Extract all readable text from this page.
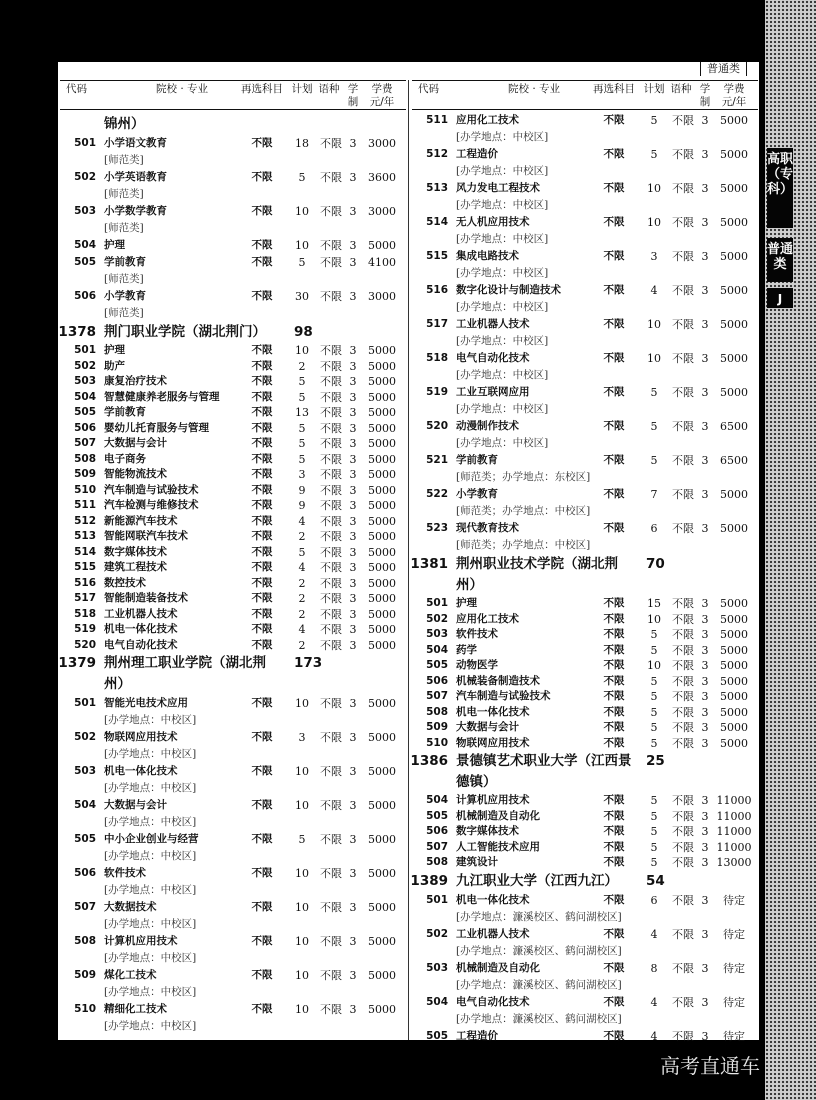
高职（专科）
普通类
J
普通类
代码	院校 · 专业	再选科目 计划 语种 学	学费
制	元/年
锦州）
501 小学语文教育	不限	18	不限 3	3000
[师范类]
502 小学英语教育	不限	5	不限 3	3600
[师范类]
503 小学数学教育	不限	10	不限 3	3000
[师范类]
504 护理	不限	10	不限 3	5000
505 学前教育	不限	5	不限 3	4100
[师范类]
506 小学教育	不限	30	不限 3	3000
[师范类]
1378 荆门职业学院（湖北荆门） 98
501 护理	不限	10	不限 3	5000
502 助产	不限	2	不限 3	5000
503 康复治疗技术	不限	5	不限 3	5000
504 智慧健康养老服务与管理	不限	5	不限 3	5000
505 学前教育	不限	13	不限 3	5000
506 婴幼儿托育服务与管理	不限	5	不限 3	5000
507 大数据与会计	不限	5	不限 3	5000
508 电子商务	不限	5	不限 3	5000
509 智能物流技术	不限	3	不限 3	5000
510 汽车制造与试验技术	不限	9	不限 3	5000
511 汽车检测与维修技术	不限	9	不限 3	5000
512 新能源汽车技术	不限	4	不限 3	5000
513 智能网联汽车技术	不限	2	不限 3	5000
514 数字媒体技术	不限	5	不限 3	5000
515 建筑工程技术	不限	4	不限 3	5000
516 数控技术	不限	2	不限 3	5000
517 智能制造装备技术	不限	2	不限 3	5000
518 工业机器人技术	不限	2	不限 3	5000
519 机电一体化技术	不限	4	不限 3	5000
520 电气自动化技术	不限	2	不限 3	5000
1379 荆州理工职业学院（湖北荆 173
州）
501 智能光电技术应用	不限	10	不限 3	5000
[办学地点：中校区]
502 物联网应用技术	不限	3	不限 3	5000
[办学地点：中校区]
503 机电一体化技术	不限	10	不限 3	5000
[办学地点：中校区]
504 大数据与会计	不限	10	不限 3	5000
[办学地点：中校区]
505 中小企业创业与经营	不限	5	不限 3	5000
[办学地点：中校区]
506 软件技术	不限	10	不限 3	5000
[办学地点：中校区]
507 大数据技术	不限	10	不限 3	5000
[办学地点：中校区]
508 计算机应用技术	不限	10	不限 3	5000
[办学地点：中校区]
509 煤化工技术	不限	10	不限 3	5000
[办学地点：中校区]
510 精细化工技术	不限	10	不限 3	5000
[办学地点：中校区]
代码	院校 · 专业	再选科目 计划 语种 学	学费
制	元/年
511 应用化工技术	不限	5	不限 3	5000
[办学地点：中校区]
512 工程造价	不限	5	不限 3	5000
[办学地点：中校区]
513 风力发电工程技术	不限	10	不限 3	5000
[办学地点：中校区]
514 无人机应用技术	不限	10	不限 3	5000
[办学地点：中校区]
515 集成电路技术	不限	3	不限 3	5000
[办学地点：中校区]
516 数字化设计与制造技术	不限	4	不限 3	5000
[办学地点：中校区]
517 工业机器人技术	不限	10	不限 3	5000
[办学地点：中校区]
518 电气自动化技术	不限	10	不限 3	5000
[办学地点：中校区]
519 工业互联网应用	不限	5	不限 3	5000
[办学地点：中校区]
520 动漫制作技术	不限	5	不限 3	6500
[办学地点：中校区]
521 学前教育	不限	5	不限 3	6500
[师范类；办学地点：东校区]
522 小学教育	不限	7	不限 3	5000
[师范类；办学地点：中校区]
523 现代教育技术	不限	6	不限 3	5000
[师范类；办学地点：中校区]
1381 荆州职业技术学院（湖北荆 70
州）
501 护理	不限	15	不限 3	5000
502 应用化工技术	不限	10	不限 3	5000
503 软件技术	不限	5	不限 3	5000
504 药学	不限	5	不限 3	5000
505 动物医学	不限	10	不限 3	5000
506 机械装备制造技术	不限	5	不限 3	5000
507 汽车制造与试验技术	不限	5	不限 3	5000
508 机电一体化技术	不限	5	不限 3	5000
509 大数据与会计	不限	5	不限 3	5000
510 物联网应用技术	不限	5	不限 3	5000
1386 景德镇艺术职业大学（江西景 25
德镇）
504 计算机应用技术	不限	5	不限 3 11000
505 机械制造及自动化	不限	5	不限 3 11000
506 数字媒体技术	不限	5	不限 3 11000
507 人工智能技术应用	不限	5	不限 3 11000
508 建筑设计	不限	5	不限 3 13000
1389 九江职业大学（江西九江） 54
501 机电一体化技术	不限	6	不限 3	待定
[办学地点：濂溪校区、鹤问湖校区]
502 工业机器人技术	不限	4	不限 3	待定
[办学地点：濂溪校区、鹤问湖校区]
503 机械制造及自动化	不限	8	不限 3	待定
[办学地点：濂溪校区、鹤问湖校区]
504 电气自动化技术	不限	4	不限 3	待定
[办学地点：濂溪校区、鹤问湖校区]
505 工程造价	不限	4	不限 3	待定
高考直通车
